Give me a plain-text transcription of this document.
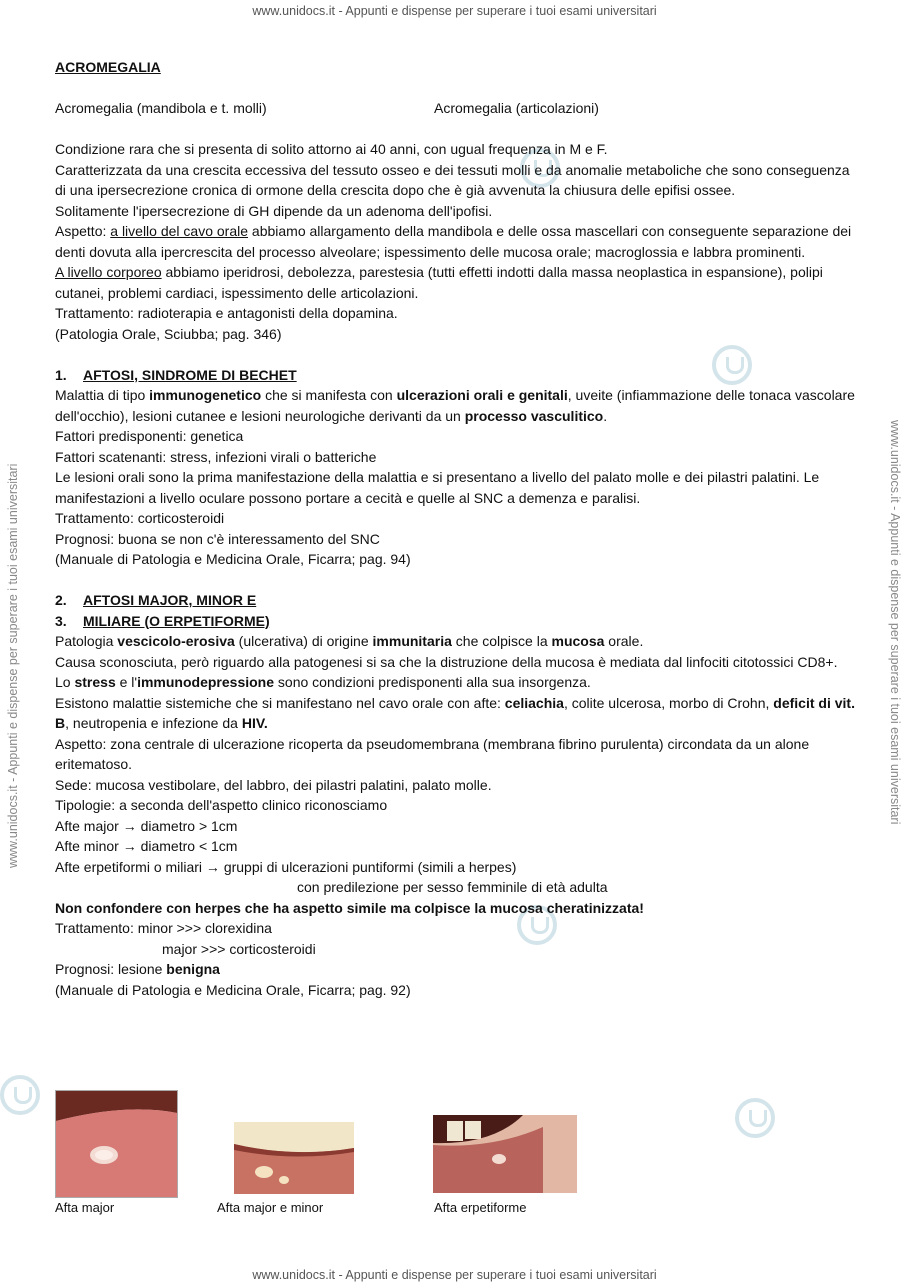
www.unidocs.it - Appunti e dispense per superare i tuoi esami universitari
www.unidocs.it - Appunti e dispense per superare i tuoi esami universitari
www.unidocs.it - Appunti e dispense per superare i tuoi esami universitari	www.unidocs.it - Appunti e dispense per superare i tuoi esami universitari

ACROMEGALIA

Acromegalia (mandibola e t. molli)	Acromegalia (articolazioni)

Condizione rara che si presenta di solito attorno ai 40 anni, con ugual frequenza in M e F.

Caratterizzata da una crescita eccessiva del tessuto osseo e dei tessuti molli e da anomalie metaboliche che sono conseguenza di una ipersecrezione cronica di ormone della crescita dopo che è già avvenuta la chiusura delle epifisi ossee.

Solitamente l'ipersecrezione di GH dipende da un adenoma dell'ipofisi.

Aspetto: a livello del cavo orale abbiamo allargamento della mandibola e delle ossa mascellari con conseguente separazione dei denti dovuta alla ipercrescita del processo alveolare; ispessimento delle mucosa orale; macroglossia e labbra prominenti.

A livello corporeo abbiamo iperidrosi, debolezza, parestesia (tutti effetti indotti dalla massa neoplastica in espansione), polipi cutanei, problemi cardiaci, ispessimento delle articolazioni.

Trattamento: radioterapia e antagonisti della dopamina.

(Patologia Orale, Sciubba; pag. 346)

1. AFTOSI, SINDROME DI BECHET

Malattia di tipo immunogenetico che si manifesta con ulcerazioni orali e genitali, uveite (infiammazione delle tonaca vascolare dell'occhio), lesioni cutanee e lesioni neurologiche derivanti da un processo vasculitico.

Fattori predisponenti: genetica

Fattori scatenanti: stress, infezioni virali o batteriche

Le lesioni orali sono la prima manifestazione della malattia e si presentano a livello del palato molle e dei pilastri palatini. Le manifestazioni a livello oculare possono portare a cecità e quelle al SNC a demenza e paralisi.

Trattamento: corticosteroidi

Prognosi: buona se non c'è interessamento del SNC

(Manuale di Patologia e Medicina Orale, Ficarra; pag. 94)

2. AFTOSI MAJOR, MINOR E

3. MILIARE (O ERPETIFORME)

Patologia vescicolo-erosiva (ulcerativa) di origine immunitaria che colpisce la mucosa orale.

Causa sconosciuta, però riguardo alla patogenesi si sa che la distruzione della mucosa è mediata dal linfociti citotossici CD8+.

Lo stress e l'immunodepressione sono condizioni predisponenti alla sua insorgenza.

Esistono malattie sistemiche che si manifestano nel cavo orale con afte: celiachia, colite ulcerosa, morbo di Crohn, deficit di vit. B, neutropenia e infezione da HIV.

Aspetto: zona centrale di ulcerazione ricoperta da pseudomembrana (membrana fibrino purulenta) circondata da un alone eritematoso.

Sede: mucosa vestibolare, del labbro, dei pilastri palatini, palato molle.

Tipologie: a seconda dell'aspetto clinico riconosciamo

Afte major → diametro > 1cm

Afte minor → diametro < 1cm

Afte erpetiformi o miliari → gruppi di ulcerazioni puntiformi (simili a herpes)

con predilezione per sesso femminile di età adulta

Non confondere con herpes che ha aspetto simile ma colpisce la mucosa cheratinizzata!

Trattamento: minor >>> clorexidina

major >>> corticosteroidi

Prognosi: lesione benigna

(Manuale di Patologia e Medicina Orale, Ficarra; pag. 92)

Afta major	Afta major e minor	Afta erpetiforme
